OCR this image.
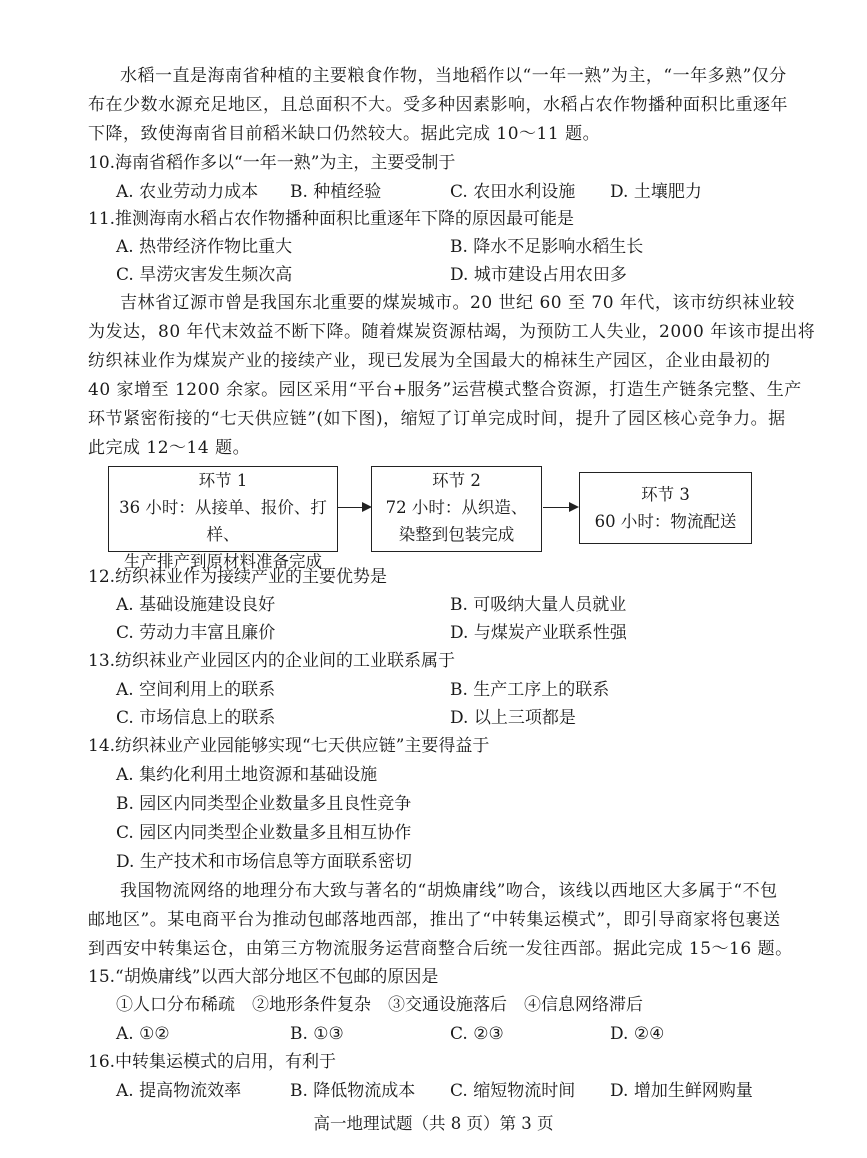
水稻一直是海南省种植的主要粮食作物，当地稻作以“一年一熟”为主，“一年多熟”仅分
布在少数水源充足地区，且总面积不大。受多种因素影响，水稻占农作物播种面积比重逐年
下降，致使海南省目前稻米缺口仍然较大。据此完成 10～11 题。
10.海南省稻作多以“一年一熟”为主，主要受制于
A. 农业劳动力成本 B. 种植经验	C. 农田水利设施 D. 土壤肥力
11.推测海南水稻占农作物播种面积比重逐年下降的原因最可能是
A. 热带经济作物比重大	B. 降水不足影响水稻生长
C. 旱涝灾害发生频次高	D. 城市建设占用农田多
吉林省辽源市曾是我国东北重要的煤炭城市。20 世纪 60 至 70 年代，该市纺织袜业较
为发达，80 年代末效益不断下降。随着煤炭资源枯竭，为预防工人失业，2000 年该市提出将
纺织袜业作为煤炭产业的接续产业，现已发展为全国最大的棉袜生产园区，企业由最初的
40 家增至 1200 余家。园区采用“平台+服务”运营模式整合资源，打造生产链条完整、生产
环节紧密衔接的“七天供应链”(如下图)，缩短了订单完成时间，提升了园区核心竞争力。据
此完成 12～14 题。
环节 1
36 小时：从接单、报价、打样、
生产排产到原材料准备完成
环节 2
72 小时：从织造、
染整到包装完成
环节 3
60 小时：物流配送
12.纺织袜业作为接续产业的主要优势是
A. 基础设施建设良好	B. 可吸纳大量人员就业
C. 劳动力丰富且廉价	D. 与煤炭产业联系性强
13.纺织袜业产业园区内的企业间的工业联系属于
A. 空间利用上的联系	B. 生产工序上的联系
C. 市场信息上的联系	D. 以上三项都是
14.纺织袜业产业园能够实现“七天供应链”主要得益于
A. 集约化利用土地资源和基础设施
B. 园区内同类型企业数量多且良性竞争
C. 园区内同类型企业数量多且相互协作
D. 生产技术和市场信息等方面联系密切
我国物流网络的地理分布大致与著名的“胡焕庸线”吻合，该线以西地区大多属于“不包
邮地区”。某电商平台为推动包邮落地西部，推出了“中转集运模式”，即引导商家将包裹送
到西安中转集运仓，由第三方物流服务运营商整合后统一发往西部。据此完成 15～16 题。
15.“胡焕庸线”以西大部分地区不包邮的原因是
①人口分布稀疏　②地形条件复杂　③交通设施落后　④信息网络滞后
A. ①②	B. ①③	C. ②③	D. ②④
16.中转集运模式的启用，有利于
A. 提高物流效率	B. 降低物流成本 C. 缩短物流时间 D. 增加生鲜网购量
高一地理试题（共 8 页）第 3 页
